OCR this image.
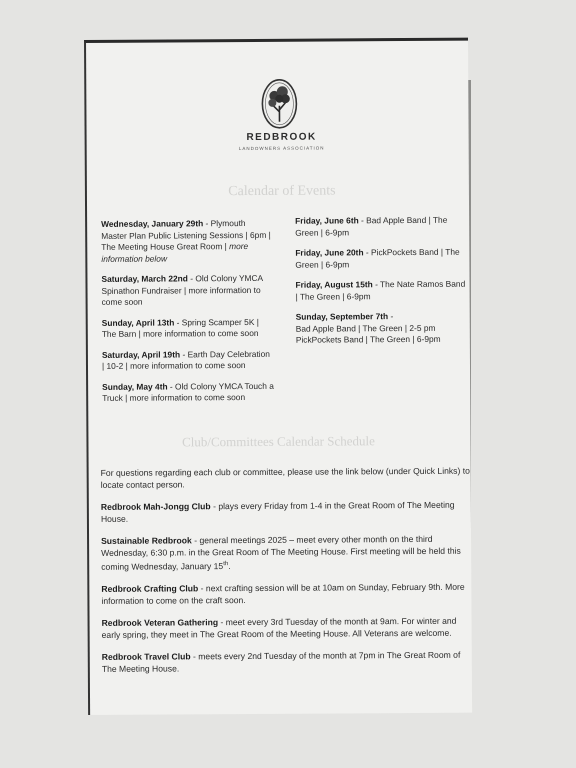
REDBROOK
LANDOWNERS ASSOCIATION
Calendar of Events
Wednesday, January 29th - Plymouth Master Plan Public Listening Sessions | 6pm | The Meeting House Great Room | more information below
Saturday, March 22nd - Old Colony YMCA Spinathon Fundraiser | more information to come soon
Sunday, April 13th - Spring Scamper 5K | The Barn | more information to come soon
Saturday, April 19th - Earth Day Celebration | 10-2 | more information to come soon
Sunday, May 4th - Old Colony YMCA Touch a Truck | more information to come soon
Friday, June 6th - Bad Apple Band | The Green | 6-9pm
Friday, June 20th - PickPockets Band | The Green | 6-9pm
Friday, August 15th - The Nate Ramos Band | The Green | 6-9pm
Sunday, September 7th -
Bad Apple Band | The Green | 2-5 pm
PickPockets Band | The Green | 6-9pm
Club/Committees Calendar Schedule
For questions regarding each club or committee, please use the link below (under Quick Links) to locate contact person.
Redbrook Mah-Jongg Club - plays every Friday from 1-4 in the Great Room of The Meeting House.
Sustainable Redbrook - general meetings 2025 – meet every other month on the third Wednesday, 6:30 p.m. in the Great Room of The Meeting House. First meeting will be held this coming Wednesday, January 15th.
Redbrook Crafting Club - next crafting session will be at 10am on Sunday, February 9th. More information to come on the craft soon.
Redbrook Veteran Gathering - meet every 3rd Tuesday of the month at 9am. For winter and early spring, they meet in The Great Room of the Meeting House. All Veterans are welcome.
Redbrook Travel Club - meets every 2nd Tuesday of the month at 7pm in The Great Room of The Meeting House.
